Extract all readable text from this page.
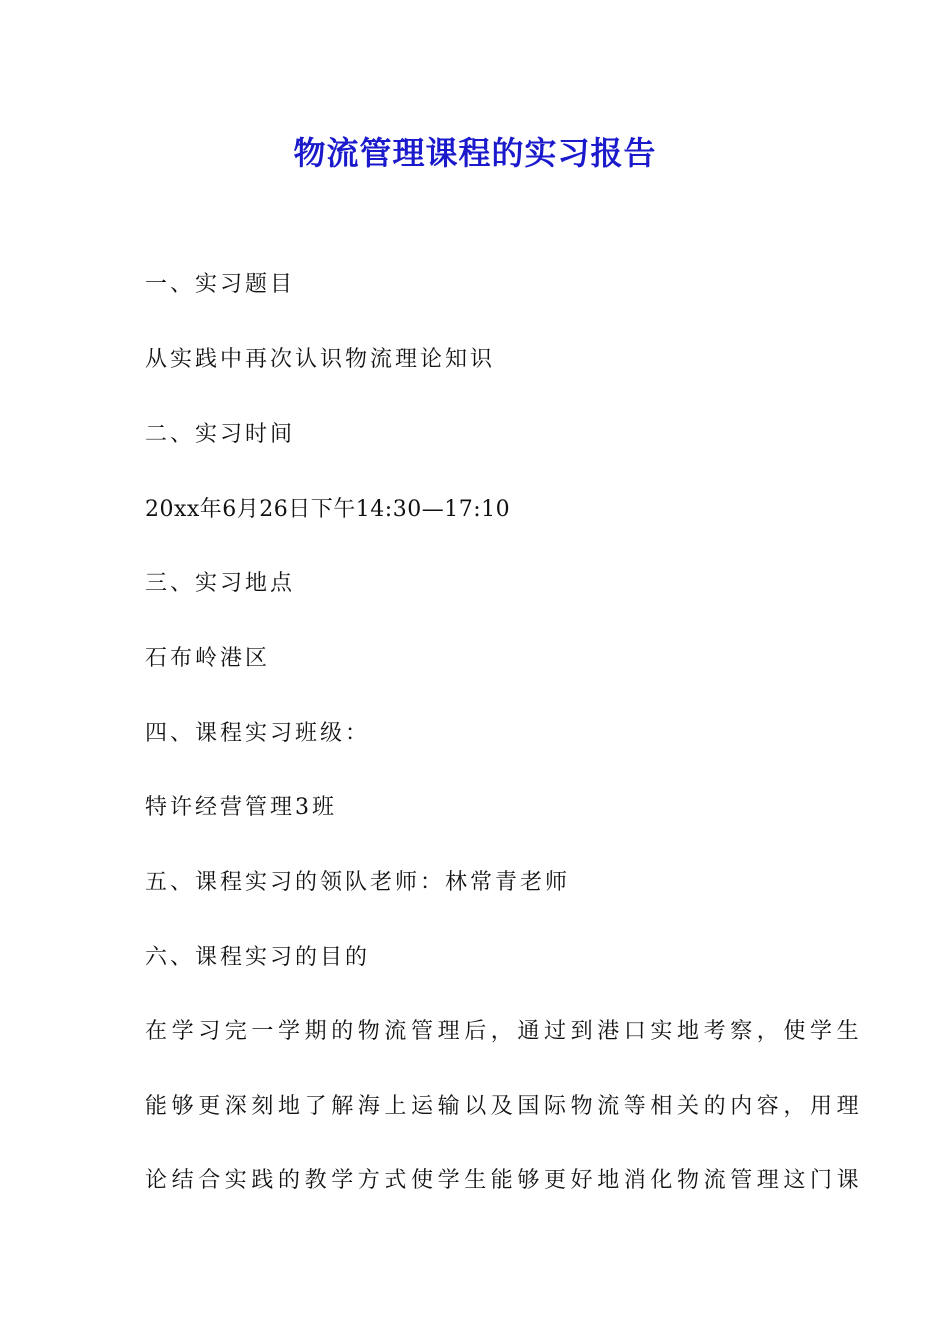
物流管理课程的实习报告
一、实习题目
从实践中再次认识物流理论知识
二、实习时间
20xx年6月26日下午14:30—17:10
三、实习地点
石布岭港区
四、课程实习班级：
特许经营管理3班
五、课程实习的领队老师：林常青老师
六、课程实习的目的
在学习完一学期的物流管理后，通过到港口实地考察，使学生
能够更深刻地了解海上运输以及国际物流等相关的内容，用理
论结合实践的教学方式使学生能够更好地消化物流管理这门课
